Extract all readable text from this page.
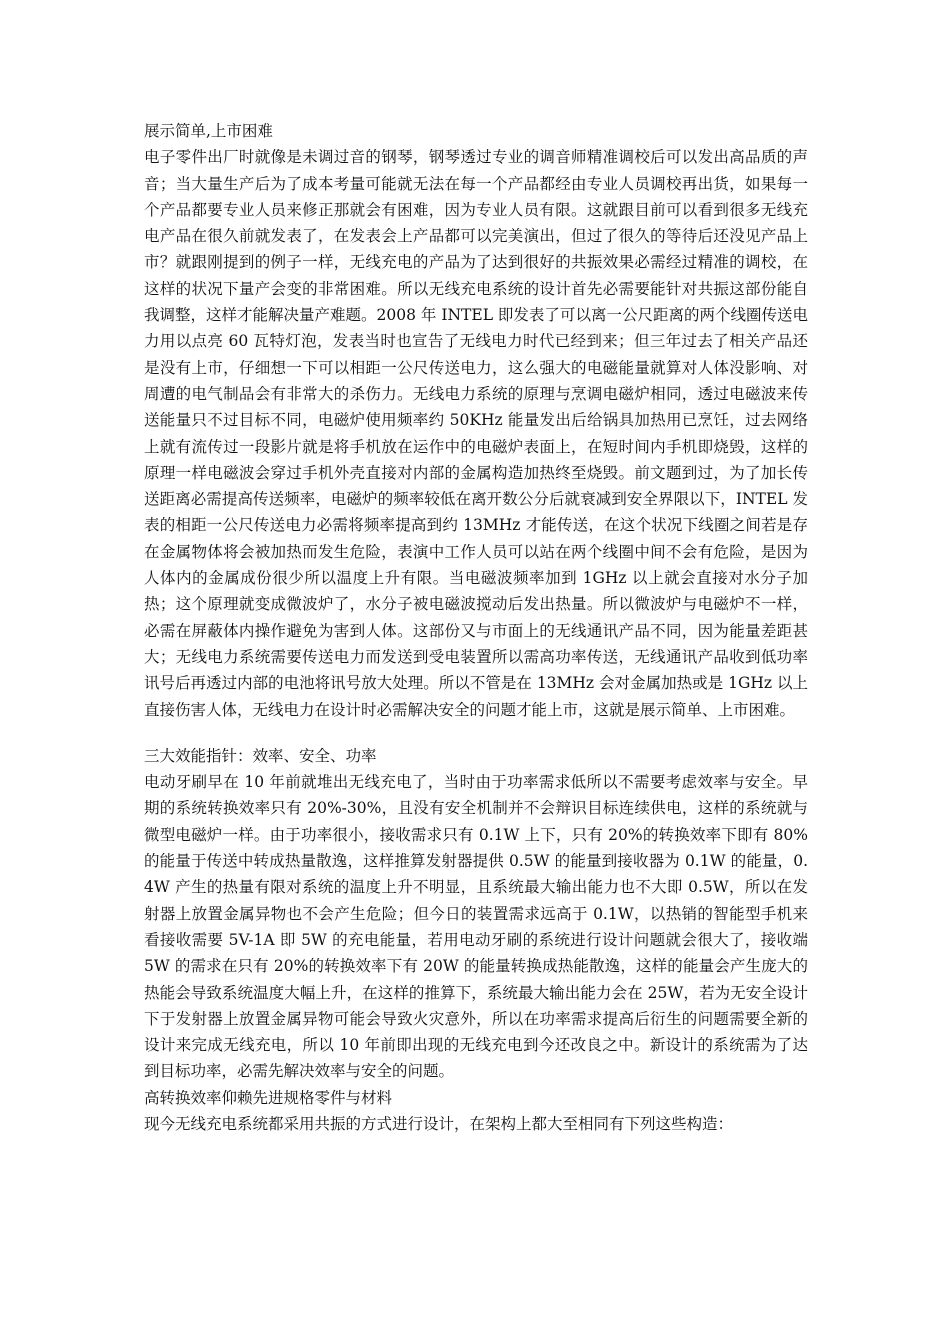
展示简单,上市困难

电子零件出厂时就像是未调过音的钢琴，钢琴透过专业的调音师精准调校后可以发出高品质的声音；当大量生产后为了成本考量可能就无法在每一个产品都经由专业人员调校再出货，如果每一个产品都要专业人员来修正那就会有困难，因为专业人员有限。这就跟目前可以看到很多无线充电产品在很久前就发表了，在发表会上产品都可以完美演出，但过了很久的等待后还没见产品上市？就跟刚提到的例子一样，无线充电的产品为了达到很好的共振效果必需经过精准的调校，在这样的状况下量产会变的非常困难。所以无线充电系统的设计首先必需要能针对共振这部份能自我调整，这样才能解决量产难题。2008 年 INTEL 即发表了可以离一公尺距离的两个线圈传送电力用以点亮 60 瓦特灯泡，发表当时也宣告了无线电力时代已经到来；但三年过去了相关产品还是没有上市，仔细想一下可以相距一公尺传送电力，这么强大的电磁能量就算对人体没影响、对周遭的电气制品会有非常大的杀伤力。无线电力系统的原理与烹调电磁炉相同，透过电磁波来传送能量只不过目标不同，电磁炉使用频率约 50KHz 能量发出后给锅具加热用已烹饪，过去网络上就有流传过一段影片就是将手机放在运作中的电磁炉表面上，在短时间内手机即烧毁，这样的原理一样电磁波会穿过手机外壳直接对内部的金属构造加热终至烧毁。前文题到过，为了加长传送距离必需提高传送频率，电磁炉的频率较低在离开数公分后就衰减到安全界限以下，INTEL 发表的相距一公尺传送电力必需将频率提高到约 13MHz 才能传送，在这个状况下线圈之间若是存在金属物体将会被加热而发生危险，表演中工作人员可以站在两个线圈中间不会有危险，是因为人体内的金属成份很少所以温度上升有限。当电磁波频率加到 1GHz 以上就会直接对水分子加热；这个原理就变成微波炉了，水分子被电磁波搅动后发出热量。所以微波炉与电磁炉不一样，必需在屏蔽体内操作避免为害到人体。这部份又与市面上的无线通讯产品不同，因为能量差距甚大；无线电力系统需要传送电力而发送到受电装置所以需高功率传送，无线通讯产品收到低功率讯号后再透过内部的电池将讯号放大处理。所以不管是在 13MHz 会对金属加热或是 1GHz 以上直接伤害人体，无线电力在设计时必需解决安全的问题才能上市，这就是展示简单、上市困难。

三大效能指针：效率、安全、功率

电动牙刷早在 10 年前就堆出无线充电了，当时由于功率需求低所以不需要考虑效率与安全。早期的系统转换效率只有 20%-30%，且没有安全机制并不会辩识目标连续供电，这样的系统就与微型电磁炉一样。由于功率很小，接收需求只有 0.1W 上下，只有 20%的转换效率下即有 80%的能量于传送中转成热量散逸，这样推算发射器提供 0.5W 的能量到接收器为 0.1W 的能量，0.4W 产生的热量有限对系统的温度上升不明显，且系统最大输出能力也不大即 0.5W，所以在发射器上放置金属异物也不会产生危险；但今日的装置需求远高于 0.1W，以热销的智能型手机来看接收需要 5V-1A 即 5W 的充电能量，若用电动牙刷的系统进行设计问题就会很大了，接收端 5W 的需求在只有 20%的转换效率下有 20W 的能量转换成热能散逸，这样的能量会产生庞大的热能会导致系统温度大幅上升，在这样的推算下，系统最大输出能力会在 25W，若为无安全设计下于发射器上放置金属异物可能会导致火灾意外，所以在功率需求提高后衍生的问题需要全新的设计来完成无线充电，所以 10 年前即出现的无线充电到今还改良之中。新设计的系统需为了达到目标功率，必需先解决效率与安全的问题。

高转换效率仰赖先进规格零件与材料

现今无线充电系统都采用共振的方式进行设计，在架构上都大至相同有下列这些构造：
